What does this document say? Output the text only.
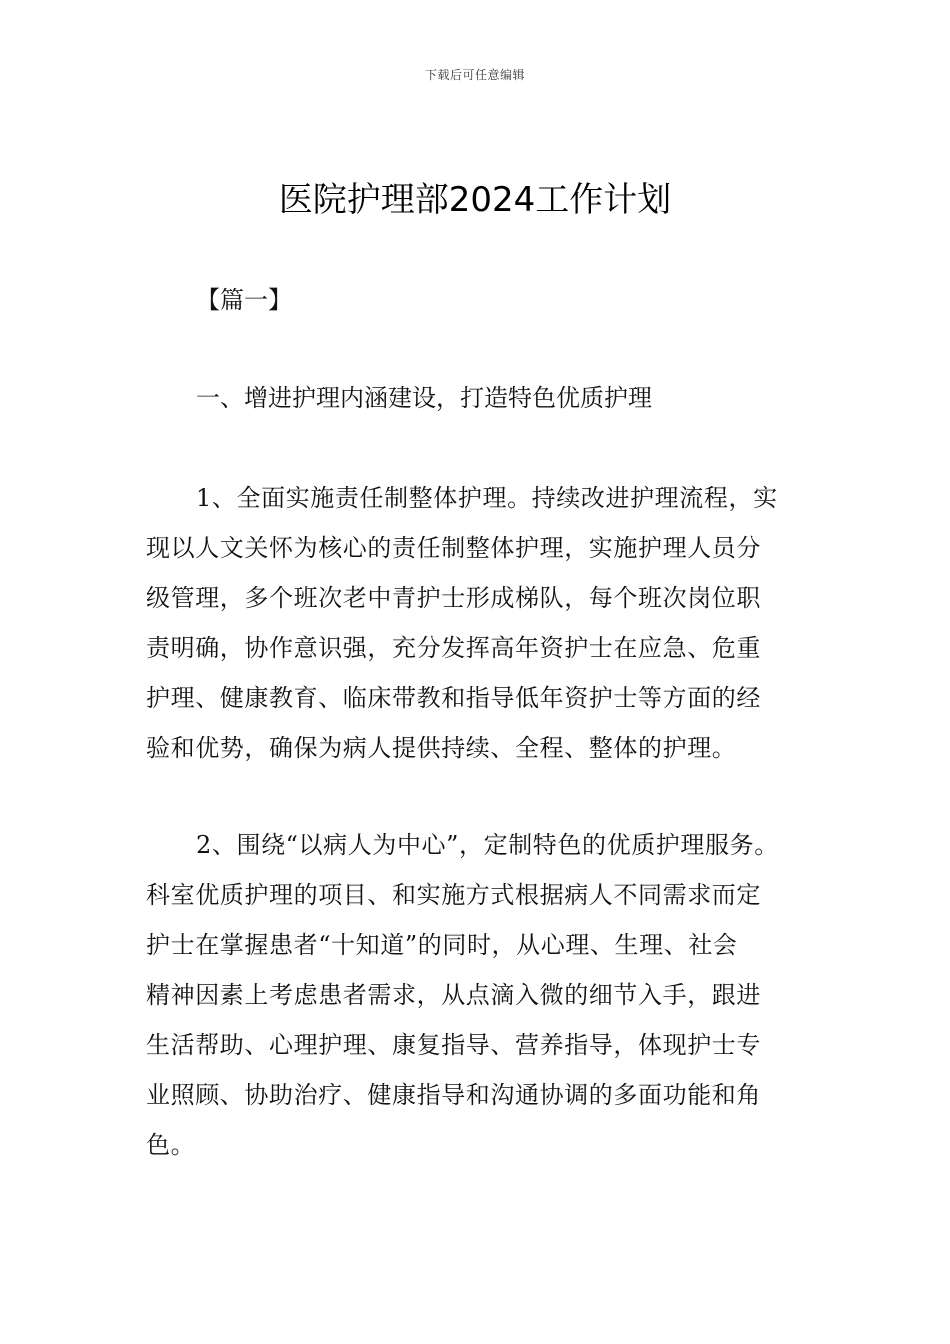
下载后可任意编辑
医院护理部2024工作计划
【篇一】
一、增进护理内涵建设，打造特色优质护理
1、全面实施责任制整体护理。持续改进护理流程，实
现以人文关怀为核心的责任制整体护理，实施护理人员分
级管理，多个班次老中青护士形成梯队，每个班次岗位职
责明确，协作意识强，充分发挥高年资护士在应急、危重
护理、健康教育、临床带教和指导低年资护士等方面的经
验和优势，确保为病人提供持续、全程、整体的护理。
2、围绕“以病人为中心”，定制特色的优质护理服务。
科室优质护理的项目、和实施方式根据病人不同需求而定
护士在掌握患者“十知道”的同时，从心理、生理、社会
精神因素上考虑患者需求，从点滴入微的细节入手，跟进
生活帮助、心理护理、康复指导、营养指导，体现护士专
业照顾、协助治疗、健康指导和沟通协调的多面功能和角
色。
